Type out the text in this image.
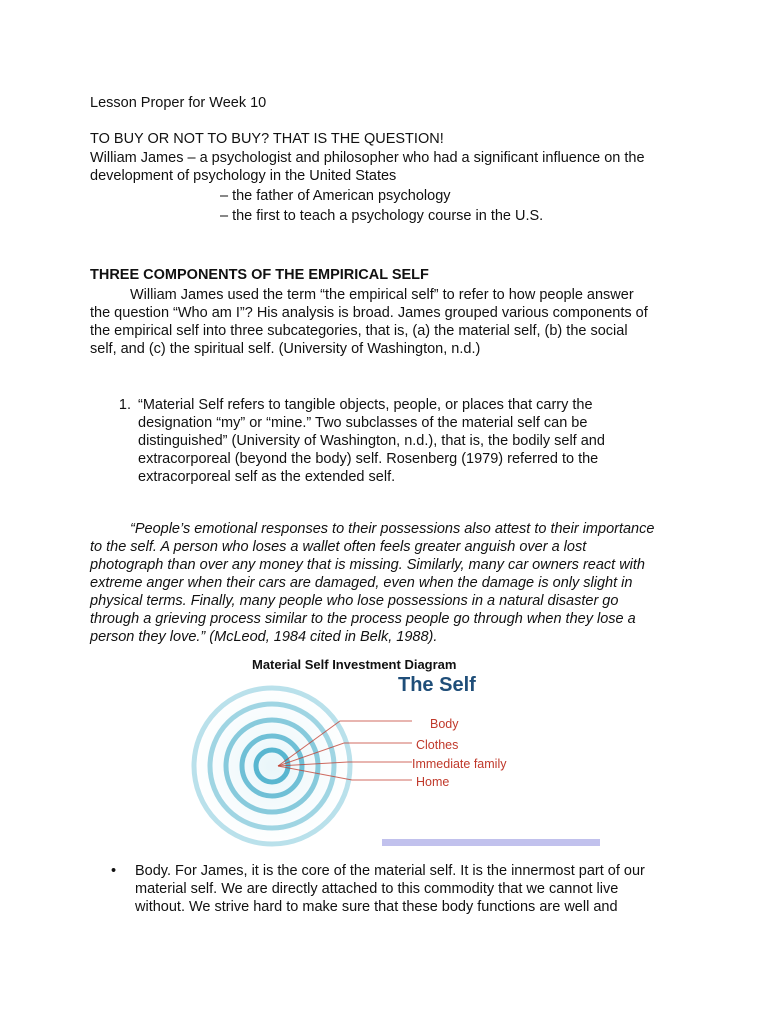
Lesson Proper for Week 10

TO BUY OR NOT TO BUY? THAT IS THE QUESTION!

William James – a psychologist and philosopher who had a significant influence on the
development of psychology in the United States
– the father of American psychology
– the first to teach a psychology course in the U.S.

THREE COMPONENTS OF THE EMPIRICAL SELF

William James used the term “the empirical self” to refer to how people answer
the question “Who am I”? His analysis is broad. James grouped various components of
the empirical self into three subcategories, that is, (a) the material self, (b) the social
self, and (c) the spiritual self. (University of Washington, n.d.)
1. “Material Self refers to tangible objects, people, or places that carry the
designation “my” or “mine.” Two subclasses of the material self can be
distinguished” (University of Washington, n.d.), that is, the bodily self and
extracorporeal (beyond the body) self. Rosenberg (1979) referred to the
extracorporeal self as the extended self.
“People’s emotional responses to their possessions also attest to their importance
to the self. A person who loses a wallet often feels greater anguish over a lost
photograph than over any money that is missing. Similarly, many car owners react with
extreme anger when their cars are damaged, even when the damage is only slight in
physical terms. Finally, many people who lose possessions in a natural disaster go
through a grieving process similar to the process people go through when they lose a
person they love.” (McLeod, 1984 cited in Belk, 1988).
Material Self Investment Diagram
The Self
Body
Clothes
Immediate family
Home
• Body. For James, it is the core of the material self. It is the innermost part of our
material self. We are directly attached to this commodity that we cannot live
without. We strive hard to make sure that these body functions are well and
